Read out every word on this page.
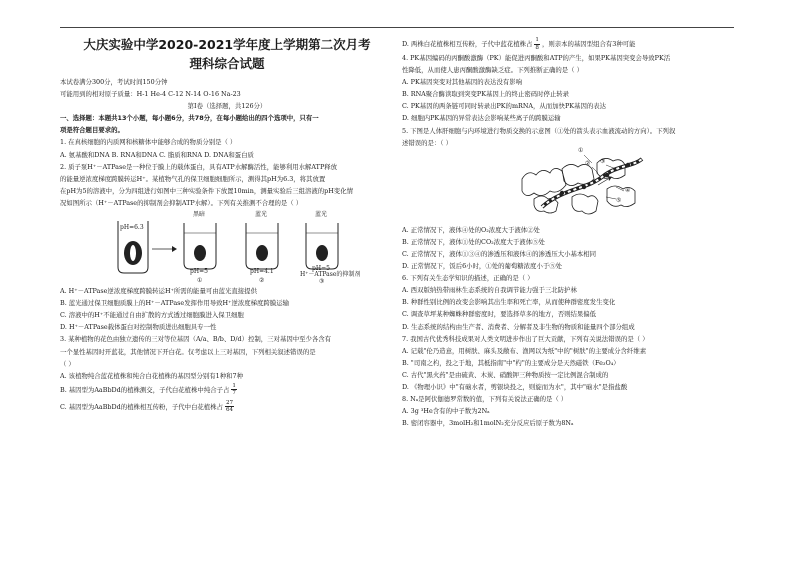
大庆实验中学2020-2021学年度上学期第二次月考

理科综合试题

本试卷满分300分，考试时间150分钟

可能用到的相对原子质量：H-1 He-4 C-12 N-14 O-16 Na-23

第Ⅰ卷（选择题，共126分）

一、选择题：本题共13个小题，每小题6分，共78分，在每小题给出的四个选项中，只有一

项是符合题目要求的。

1. 在真核细胞的内质网和核糖体中能够合成的物质分别是（ ）

A. 氨基酸和DNA B. RNA和DNA C. 脂质和RNA D. DNA和蛋白质

2. 质子泵H⁺－ATPase是一种位于膜上的载体蛋白，具有ATP水解酶活性，能够利用水解ATP释放

的能量逆浓度梯度跨膜转运H⁺。某植物气孔的保卫细胞细胞所示，测得其pH为6.3，将其放置

在pH为5的溶液中，分为四组进行如图中三种实验条件下放置10min，测量实验后三组溶液的pH变化情

况如图所示（H⁺－ATPase的抑制剂会抑制ATP水解）。下列有关推测不合理的是（ ）

黑暗	蓝光	蓝光
pH=6.3
pH=5	pH=4.1	pH=5
H⁺－ATPase的抑制剂
①	②	③

A. H⁺－ATPase逆浓度梯度跨膜转运H⁺所需的能量可由蓝光直接提供

B. 蓝光通过保卫细胞质膜上的H⁺－ATPase发挥作用导致H⁺逆浓度梯度跨膜运输

C. 溶液中的H⁺不能通过自由扩散的方式透过细胞膜进入保卫细胞

D. H⁺－ATPase载体蛋白对控制物质进出细胞具专一性

3. 某种植物的花色由独立遗传的三对等位基因（A/a、B/b、D/d）控制，三对基因中至少各含有

一个显性基因时开蓝花，其他情况下开白花。仅考虑以上三对基因，下列相关叙述错误的是

（ ）

A. 该植物纯合蓝花植株和纯合白花植株的基因型分别有1种和7种

B. 基因型为AaBbDd的植株测交，子代白花植株中纯合子占 $\frac{1}{7}$

C. 基因型为AaBbDd的植株相互传粉，子代中白花植株占 $\frac{27}{64}$

D. 两株白花植株相互传粉，子代中蓝花植株占 $\frac{1}{8}$ ，则亲本的基因型组合有3种可能

4. PK基因编码的丙酮酸激酶（PK）能促进丙酮酸和ATP的产生，如果PK基因突变会导致PK活

性降低，从而使人患丙酮酸激酶缺乏症。下列推断正确的是（ ）

A. PK基因突变对其他基因的表达没有影响

B. RNA聚合酶读取到突变PK基因上的终止密码时停止转录

C. PK基因的两条链可同时转录出PK的mRNA，从而加快PK基因的表达

D. 细胞内PK基因的异常表达会影响某些离子的跨膜运输

5. 下图是人体肝细胞与内环境进行物质交换的示意图（①处的箭头表示血液流动的方向）。下列叙

述错误的是：（ ）

①
② ③
④
⑤

A. 正常情况下，液体④处的O₂浓度大于液体②处

B. 正常情况下，液体①处的CO₂浓度大于液体⑤处

C. 正常情况下，液体①③④的渗透压和液体④的渗透压大小基本相同

D. 正常情况下，饭后6小时，①处的葡萄糖浓度小于⑤处

6. 下列有关生态学知识的描述，正确的是（ ）

A. 西双版纳热带雨林生态系统的自我调节能力强于三北防护林

B. 种群性别比例的改变会影响其出生率和死亡率，从而使种群密度发生变化

C. 调查草坪某种蜘蛛种群密度时，要选择草多的地方，否则结果偏低

D. 生态系统的结构由生产者、消费者、分解者及非生物的物质和能量四个部分组成

7. 我国古代优秀科技成果对人类文明进步作出了巨大贡献，下列有关说法错误的是（ ）

A. 记载"伦乃造意，用树肤、麻头及敝布、渔网以为纸"中的"树肤"的主要成分含纤维素

B. "司南之杓，投之于地，其柢指南"中"杓"的主要成分是天然磁铁（Fe₃O₄）

C. 古代"黑火药"是由硫黄、木炭、硝酸钾三种物质按一定比例混合制成的

D. 《物理小识》中"有硇水者，剪银块投之，则旋而为水"，其中"硇水"是指盐酸

8. Nₐ是阿伏伽德罗常数的值，下列有关说法正确的是（ ）

A. 3g ³He含有的中子数为2Nₐ

B. 密闭容器中，3molH₂和1molN₂充分反应后原子数为8Nₐ
